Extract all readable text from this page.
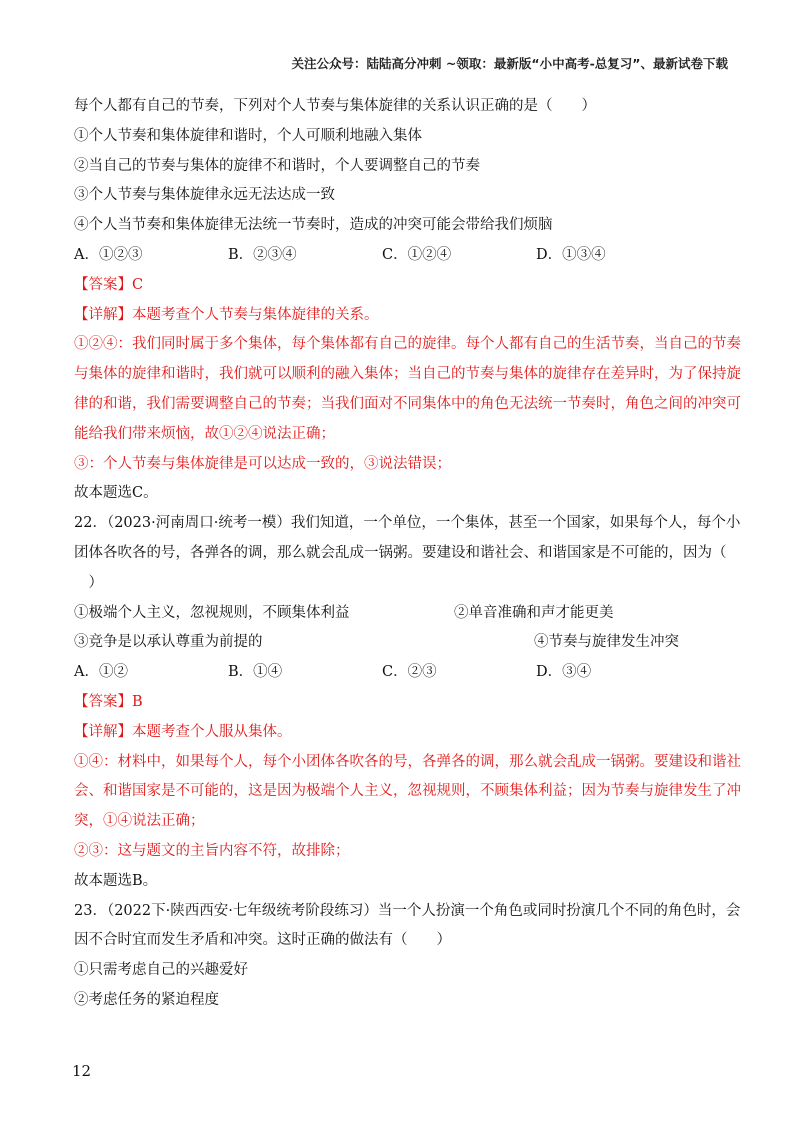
关注公众号：陆陆高分冲刺 ~领取：最新版“小中高考-总复习”、最新试卷下载
每个人都有自己的节奏，下列对个人节奏与集体旋律的关系认识正确的是（　　）
①个人节奏和集体旋律和谐时，个人可顺利地融入集体
②当自己的节奏与集体的旋律不和谐时，个人要调整自己的节奏
③个人节奏与集体旋律永远无法达成一致
④个人当节奏和集体旋律无法统一节奏时，造成的冲突可能会带给我们烦脑
A．①②③	B．②③④	C．①②④	D．①③④
【答案】C
【详解】本题考查个人节奏与集体旋律的关系。
①②④：我们同时属于多个集体，每个集体都有自己的旋律。每个人都有自己的生活节奏，当自己的节奏
与集体的旋律和谐时，我们就可以顺利的融入集体；当自己的节奏与集体的旋律存在差异时，为了保持旋
律的和谐，我们需要调整自己的节奏；当我们面对不同集体中的角色无法统一节奏时，角色之间的冲突可
能给我们带来烦恼，故①②④说法正确；
③：个人节奏与集体旋律是可以达成一致的，③说法错误；
故本题选C。
22．（2023·河南周口·统考一模）我们知道，一个单位，一个集体，甚至一个国家，如果每个人，每个小
团体各吹各的号，各弹各的调，那么就会乱成一锅粥。要建设和谐社会、和谐国家是不可能的，因为（
　）
①极端个人主义，忽视规则，不顾集体利益	②单音准确和声才能更美
③竞争是以承认尊重为前提的	④节奏与旋律发生冲突
A．①②	B．①④	C．②③	D．③④
【答案】B
【详解】本题考查个人服从集体。
①④：材料中，如果每个人，每个小团体各吹各的号，各弹各的调，那么就会乱成一锅粥。要建设和谐社
会、和谐国家是不可能的，这是因为极端个人主义，忽视规则，不顾集体利益；因为节奏与旋律发生了冲
突，①④说法正确；
②③：这与题文的主旨内容不符，故排除；
故本题选B。
23．（2022下·陕西西安·七年级统考阶段练习）当一个人扮演一个角色或同时扮演几个不同的角色时，会
因不合时宜而发生矛盾和冲突。这时正确的做法有（　　）
①只需考虑自己的兴趣爱好
②考虑任务的紧迫程度
12
